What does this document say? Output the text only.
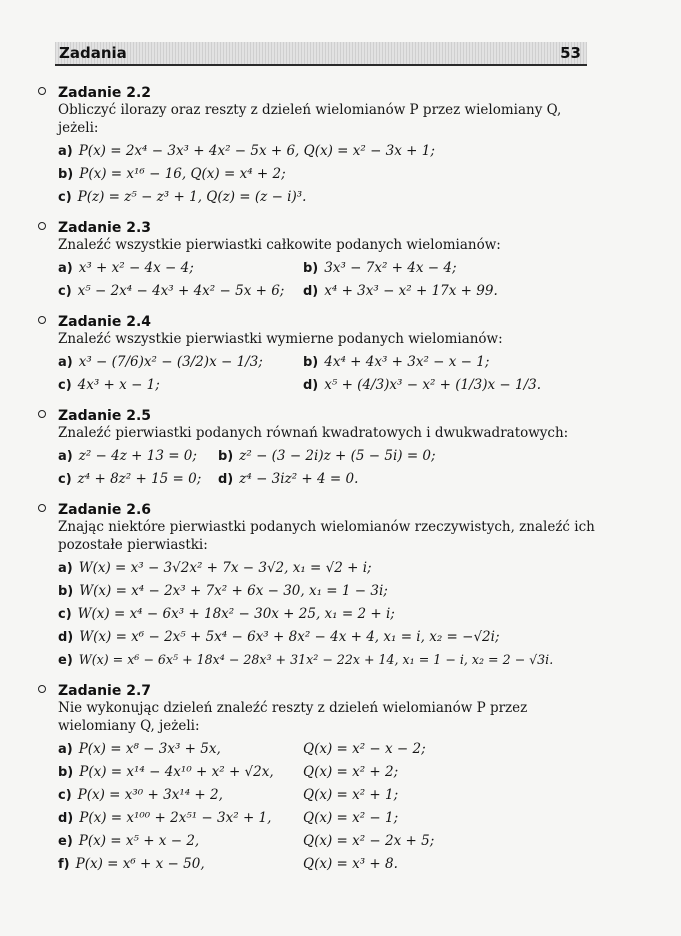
Zadania	53
Zadanie 2.2
Obliczyć ilorazy oraz reszty z dzieleń wielomianów P przez wielomiany Q, jeżeli:
a) P(x) = 2x⁴ − 3x³ + 4x² − 5x + 6, Q(x) = x² − 3x + 1;
b) P(x) = x¹⁶ − 16, Q(x) = x⁴ + 2;
c) P(z) = z⁵ − z³ + 1, Q(z) = (z − i)³.
Zadanie 2.3
Znaleźć wszystkie pierwiastki całkowite podanych wielomianów:
a) x³ + x² − 4x − 4;	b) 3x³ − 7x² + 4x − 4;
c) x⁵ − 2x⁴ − 4x³ + 4x² − 5x + 6;	d) x⁴ + 3x³ − x² + 17x + 99.
Zadanie 2.4
Znaleźć wszystkie pierwiastki wymierne podanych wielomianów:
a) x³ − (7/6)x² − (3/2)x − 1/3;	b) 4x⁴ + 4x³ + 3x² − x − 1;
c) 4x³ + x − 1;	d) x⁵ + (4/3)x³ − x² + (1/3)x − 1/3.
Zadanie 2.5
Znaleźć pierwiastki podanych równań kwadratowych i dwukwadratowych:
a) z² − 4z + 13 = 0;	b) z² − (3 − 2i)z + (5 − 5i) = 0;
c) z⁴ + 8z² + 15 = 0;	d) z⁴ − 3iz² + 4 = 0.
Zadanie 2.6
Znając niektóre pierwiastki podanych wielomianów rzeczywistych, znaleźć ich pozostałe pierwiastki:
a) W(x) = x³ − 3√2x² + 7x − 3√2, x₁ = √2 + i;
b) W(x) = x⁴ − 2x³ + 7x² + 6x − 30, x₁ = 1 − 3i;
c) W(x) = x⁴ − 6x³ + 18x² − 30x + 25, x₁ = 2 + i;
d) W(x) = x⁶ − 2x⁵ + 5x⁴ − 6x³ + 8x² − 4x + 4, x₁ = i, x₂ = −√2i;
e) W(x) = x⁶ − 6x⁵ + 18x⁴ − 28x³ + 31x² − 22x + 14, x₁ = 1 − i, x₂ = 2 − √3i.
Zadanie 2.7
Nie wykonując dzieleń znaleźć reszty z dzieleń wielomianów P przez wielomiany Q, jeżeli:
a) P(x) = x⁸ − 3x³ + 5x,	Q(x) = x² − x − 2;
b) P(x) = x¹⁴ − 4x¹⁰ + x² + √2x,	Q(x) = x² + 2;
c) P(x) = x³⁰ + 3x¹⁴ + 2,	Q(x) = x² + 1;
d) P(x) = x¹⁰⁰ + 2x⁵¹ − 3x² + 1,	Q(x) = x² − 1;
e) P(x) = x⁵ + x − 2,	Q(x) = x² − 2x + 5;
f) P(x) = x⁶ + x − 50,	Q(x) = x³ + 8.
